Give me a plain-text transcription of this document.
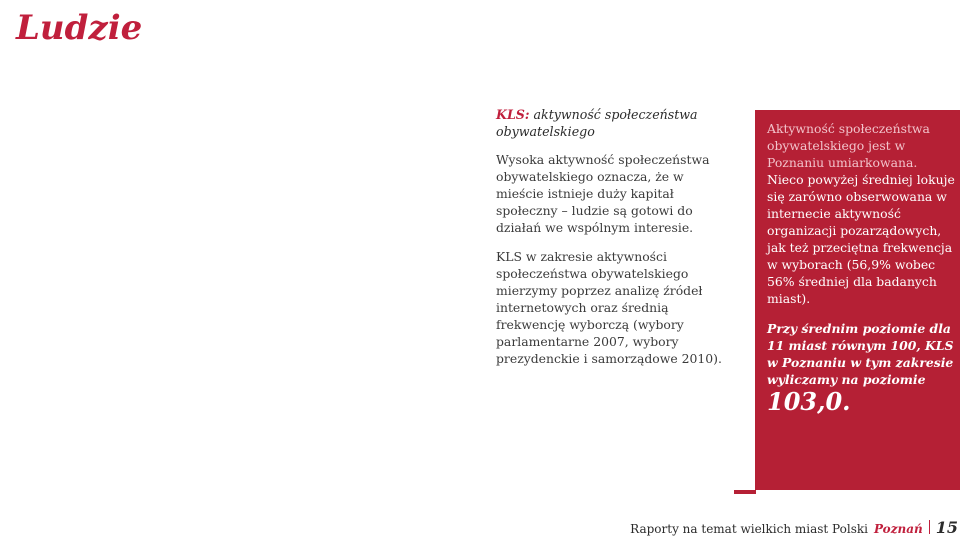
Ludzie
KLS: aktywność społeczeństwa obywatelskiego

Wysoka aktywność społeczeństwa obywatelskiego oznacza, że w mieście istnieje duży kapitał społeczny – ludzie są gotowi do działań we wspólnym interesie.

KLS w zakresie aktywności społeczeństwa obywatelskiego mierzymy poprzez analizę źródeł internetowych oraz średnią frekwencję wyborczą (wybory parlamentarne 2007, wybory prezydenckie i samorządowe 2010).

Aktywność społeczeństwa obywatelskiego jest w Poznaniu umiarkowana. Nieco powyżej średniej lokuje się zarówno obserwowana w internecie aktywność organizacji pozarządowych, jak też przeciętna frekwencja w wyborach (56,9% wobec 56% średniej dla badanych miast).
Przy średnim poziomie dla 11 miast równym 100, KLS w Poznaniu w tym zakresie wyliczamy na poziomie
103,0.
Raporty na temat wielkich miast Polski Poznań 15
